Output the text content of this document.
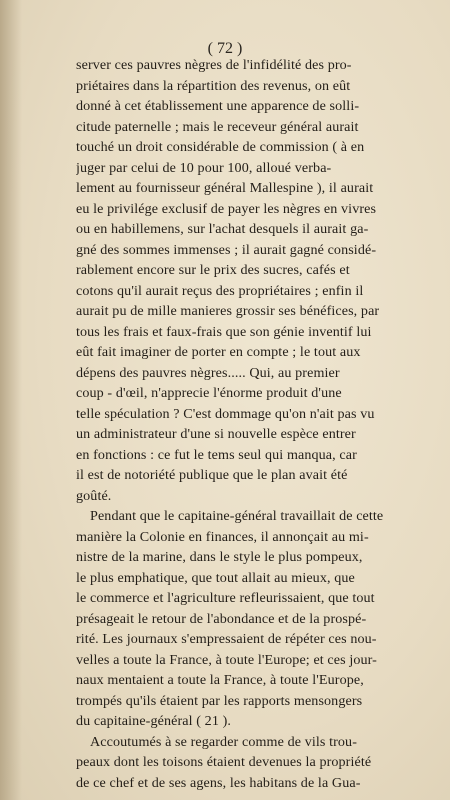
( 72 )
server ces pauvres nègres de l'infidélité des pro-
priétaires dans la répartition des revenus, on eût
donné à cet établissement une apparence de solli-
citude paternelle ; mais le receveur général aurait
touché un droit considérable de commission ( à en
juger par celui de 10 pour 100, alloué verba-
lement au fournisseur général Mallespine ), il aurait
eu le privilége exclusif de payer les nègres en vivres
ou en habillemens, sur l'achat desquels il aurait ga-
gné des sommes immenses ; il aurait gagné considé-
rablement encore sur le prix des sucres, cafés et
cotons qu'il aurait reçus des propriétaires ; enfin il
aurait pu de mille manieres grossir ses bénéfices, par
tous les frais et faux-frais que son génie inventif lui
eût fait imaginer de porter en compte ; le tout aux
dépens des pauvres nègres..... Qui, au premier
coup - d'œil, n'apprecie l'énorme produit d'une
telle spéculation ? C'est dommage qu'on n'ait pas vu
un administrateur d'une si nouvelle espèce entrer
en fonctions : ce fut le tems seul qui manqua, car
il est de notoriété publique que le plan avait été
goûté.
Pendant que le capitaine-général travaillait de cette
manière la Colonie en finances, il annonçait au mi-
nistre de la marine, dans le style le plus pompeux,
le plus emphatique, que tout allait au mieux, que
le commerce et l'agriculture refleurissaient, que tout
présageait le retour de l'abondance et de la prospé-
rité. Les journaux s'empressaient de répéter ces nou-
velles a toute la France, à toute l'Europe; et ces jour-
naux mentaient a toute la France, à toute l'Europe,
trompés qu'ils étaient par les rapports mensongers
du capitaine-général ( 21 ).
Accoutumés à se regarder comme de vils trou-
peaux dont les toisons étaient devenues la propriété
de ce chef et de ses agens, les habitans de la Gua-
